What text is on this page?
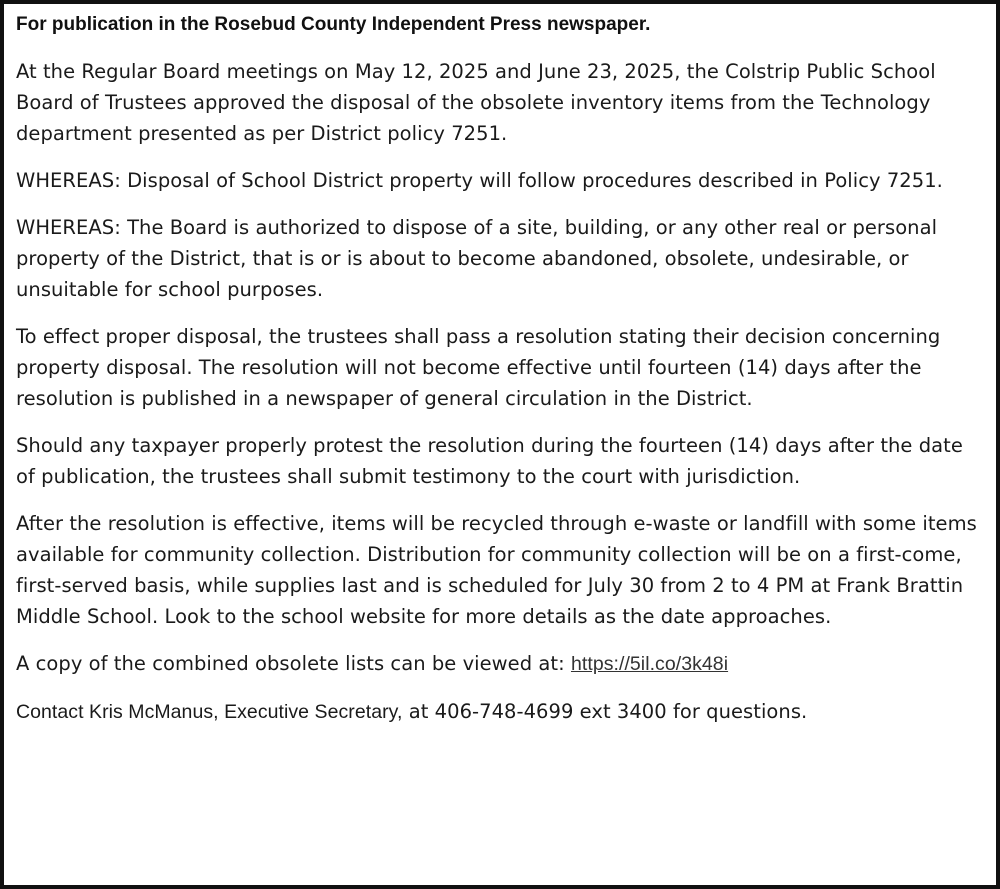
For publication in the Rosebud County Independent Press newspaper.

At the Regular Board meetings on May 12, 2025 and June 23, 2025, the Colstrip Public School Board of Trustees approved the disposal of the obsolete inventory items from the Technology department presented as per District policy 7251.

WHEREAS: Disposal of School District property will follow procedures described in Policy 7251.

WHEREAS: The Board is authorized to dispose of a site, building, or any other real or personal property of the District, that is or is about to become abandoned, obsolete, undesirable, or unsuitable for school purposes.

To effect proper disposal, the trustees shall pass a resolution stating their decision concerning property disposal. The resolution will not become effective until fourteen (14) days after the resolution is published in a newspaper of general circulation in the District.

Should any taxpayer properly protest the resolution during the fourteen (14) days after the date of publication, the trustees shall submit testimony to the court with jurisdiction.

After the resolution is effective, items will be recycled through e-waste or landfill with some items available for community collection. Distribution for community collection will be on a first-come, first-served basis, while supplies last and is scheduled for July 30 from 2 to 4 PM at Frank Brattin Middle School. Look to the school website for more details as the date approaches.

A copy of the combined obsolete lists can be viewed at: https://5il.co/3k48i

Contact Kris McManus, Executive Secretary, at 406-748-4699 ext 3400 for questions.
